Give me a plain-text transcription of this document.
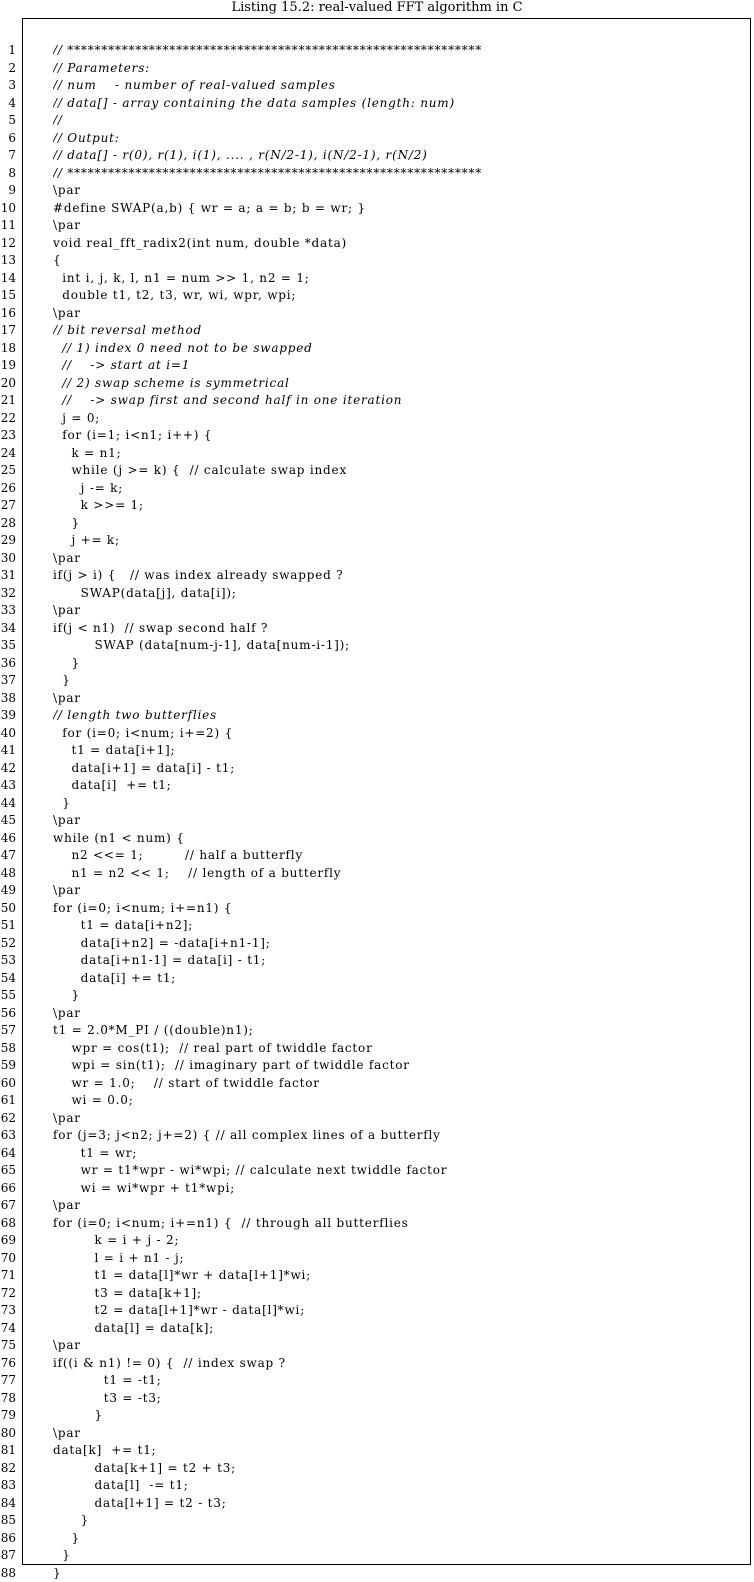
Listing 15.2: real-valued FFT algorithm in C
1
2
3
4
5
6
7
8
9
10
11
12
13
14
15
16
17
18
19
20
21
22
23
24
25
26
27
28
29
30
31
32
33
34
35
36
37
38
39
40
41
42
43
44
45
46
47
48
49
50
51
52
53
54
55
56
57
58
59
60
61
62
63
64
65
66
67
68
69
70
71
72
73
74
75
76
77
78
79
80
81
82
83
84
85
86
87
88
// *************************************************************
// Parameters:
// num    - number of real-valued samples
// data[] - array containing the data samples (length: num)
//
// Output:
// data[] - r(0), r(1), i(1), .... , r(N/2-1), i(N/2-1), r(N/2)
// *************************************************************
\par
#define SWAP(a,b) { wr = a; a = b; b = wr; }
\par
void real_fft_radix2(int num, double *data)
{
int i, j, k, l, n1 = num >> 1, n2 = 1;
double t1, t2, t3, wr, wi, wpr, wpi;
\par
// bit reversal method
// 1) index 0 need not to be swapped
//    -> start at i=1
// 2) swap scheme is symmetrical
//    -> swap first and second half in one iteration
j = 0;
for (i=1; i<n1; i++) {
k = n1;
while (j >= k) {  // calculate swap index
j -= k;
k >>= 1;
}
j += k;
\par
if(j > i) {   // was index already swapped ?
SWAP(data[j], data[i]);
\par
if(j < n1)  // swap second half ?
SWAP (data[num-j-1], data[num-i-1]);
}
}
\par
// length two butterflies
for (i=0; i<num; i+=2) {
t1 = data[i+1];
data[i+1] = data[i] - t1;
data[i]  += t1;
}
\par
while (n1 < num) {
n2 <<= 1;         // half a butterfly
n1 = n2 << 1;    // length of a butterfly
\par
for (i=0; i<num; i+=n1) {
t1 = data[i+n2];
data[i+n2] = -data[i+n1-1];
data[i+n1-1] = data[i] - t1;
data[i] += t1;
}
\par
t1 = 2.0*M_PI / ((double)n1);
wpr = cos(t1);  // real part of twiddle factor
wpi = sin(t1);  // imaginary part of twiddle factor
wr = 1.0;    // start of twiddle factor
wi = 0.0;
\par
for (j=3; j<n2; j+=2) { // all complex lines of a butterfly
t1 = wr;
wr = t1*wpr - wi*wpi; // calculate next twiddle factor
wi = wi*wpr + t1*wpi;
\par
for (i=0; i<num; i+=n1) {  // through all butterflies
k = i + j - 2;
l = i + n1 - j;
t1 = data[l]*wr + data[l+1]*wi;
t3 = data[k+1];
t2 = data[l+1]*wr - data[l]*wi;
data[l] = data[k];
\par
if((i & n1) != 0) {  // index swap ?
t1 = -t1;
t3 = -t3;
}
\par
data[k]  += t1;
data[k+1] = t2 + t3;
data[l]  -= t1;
data[l+1] = t2 - t3;
}
}
}
}
